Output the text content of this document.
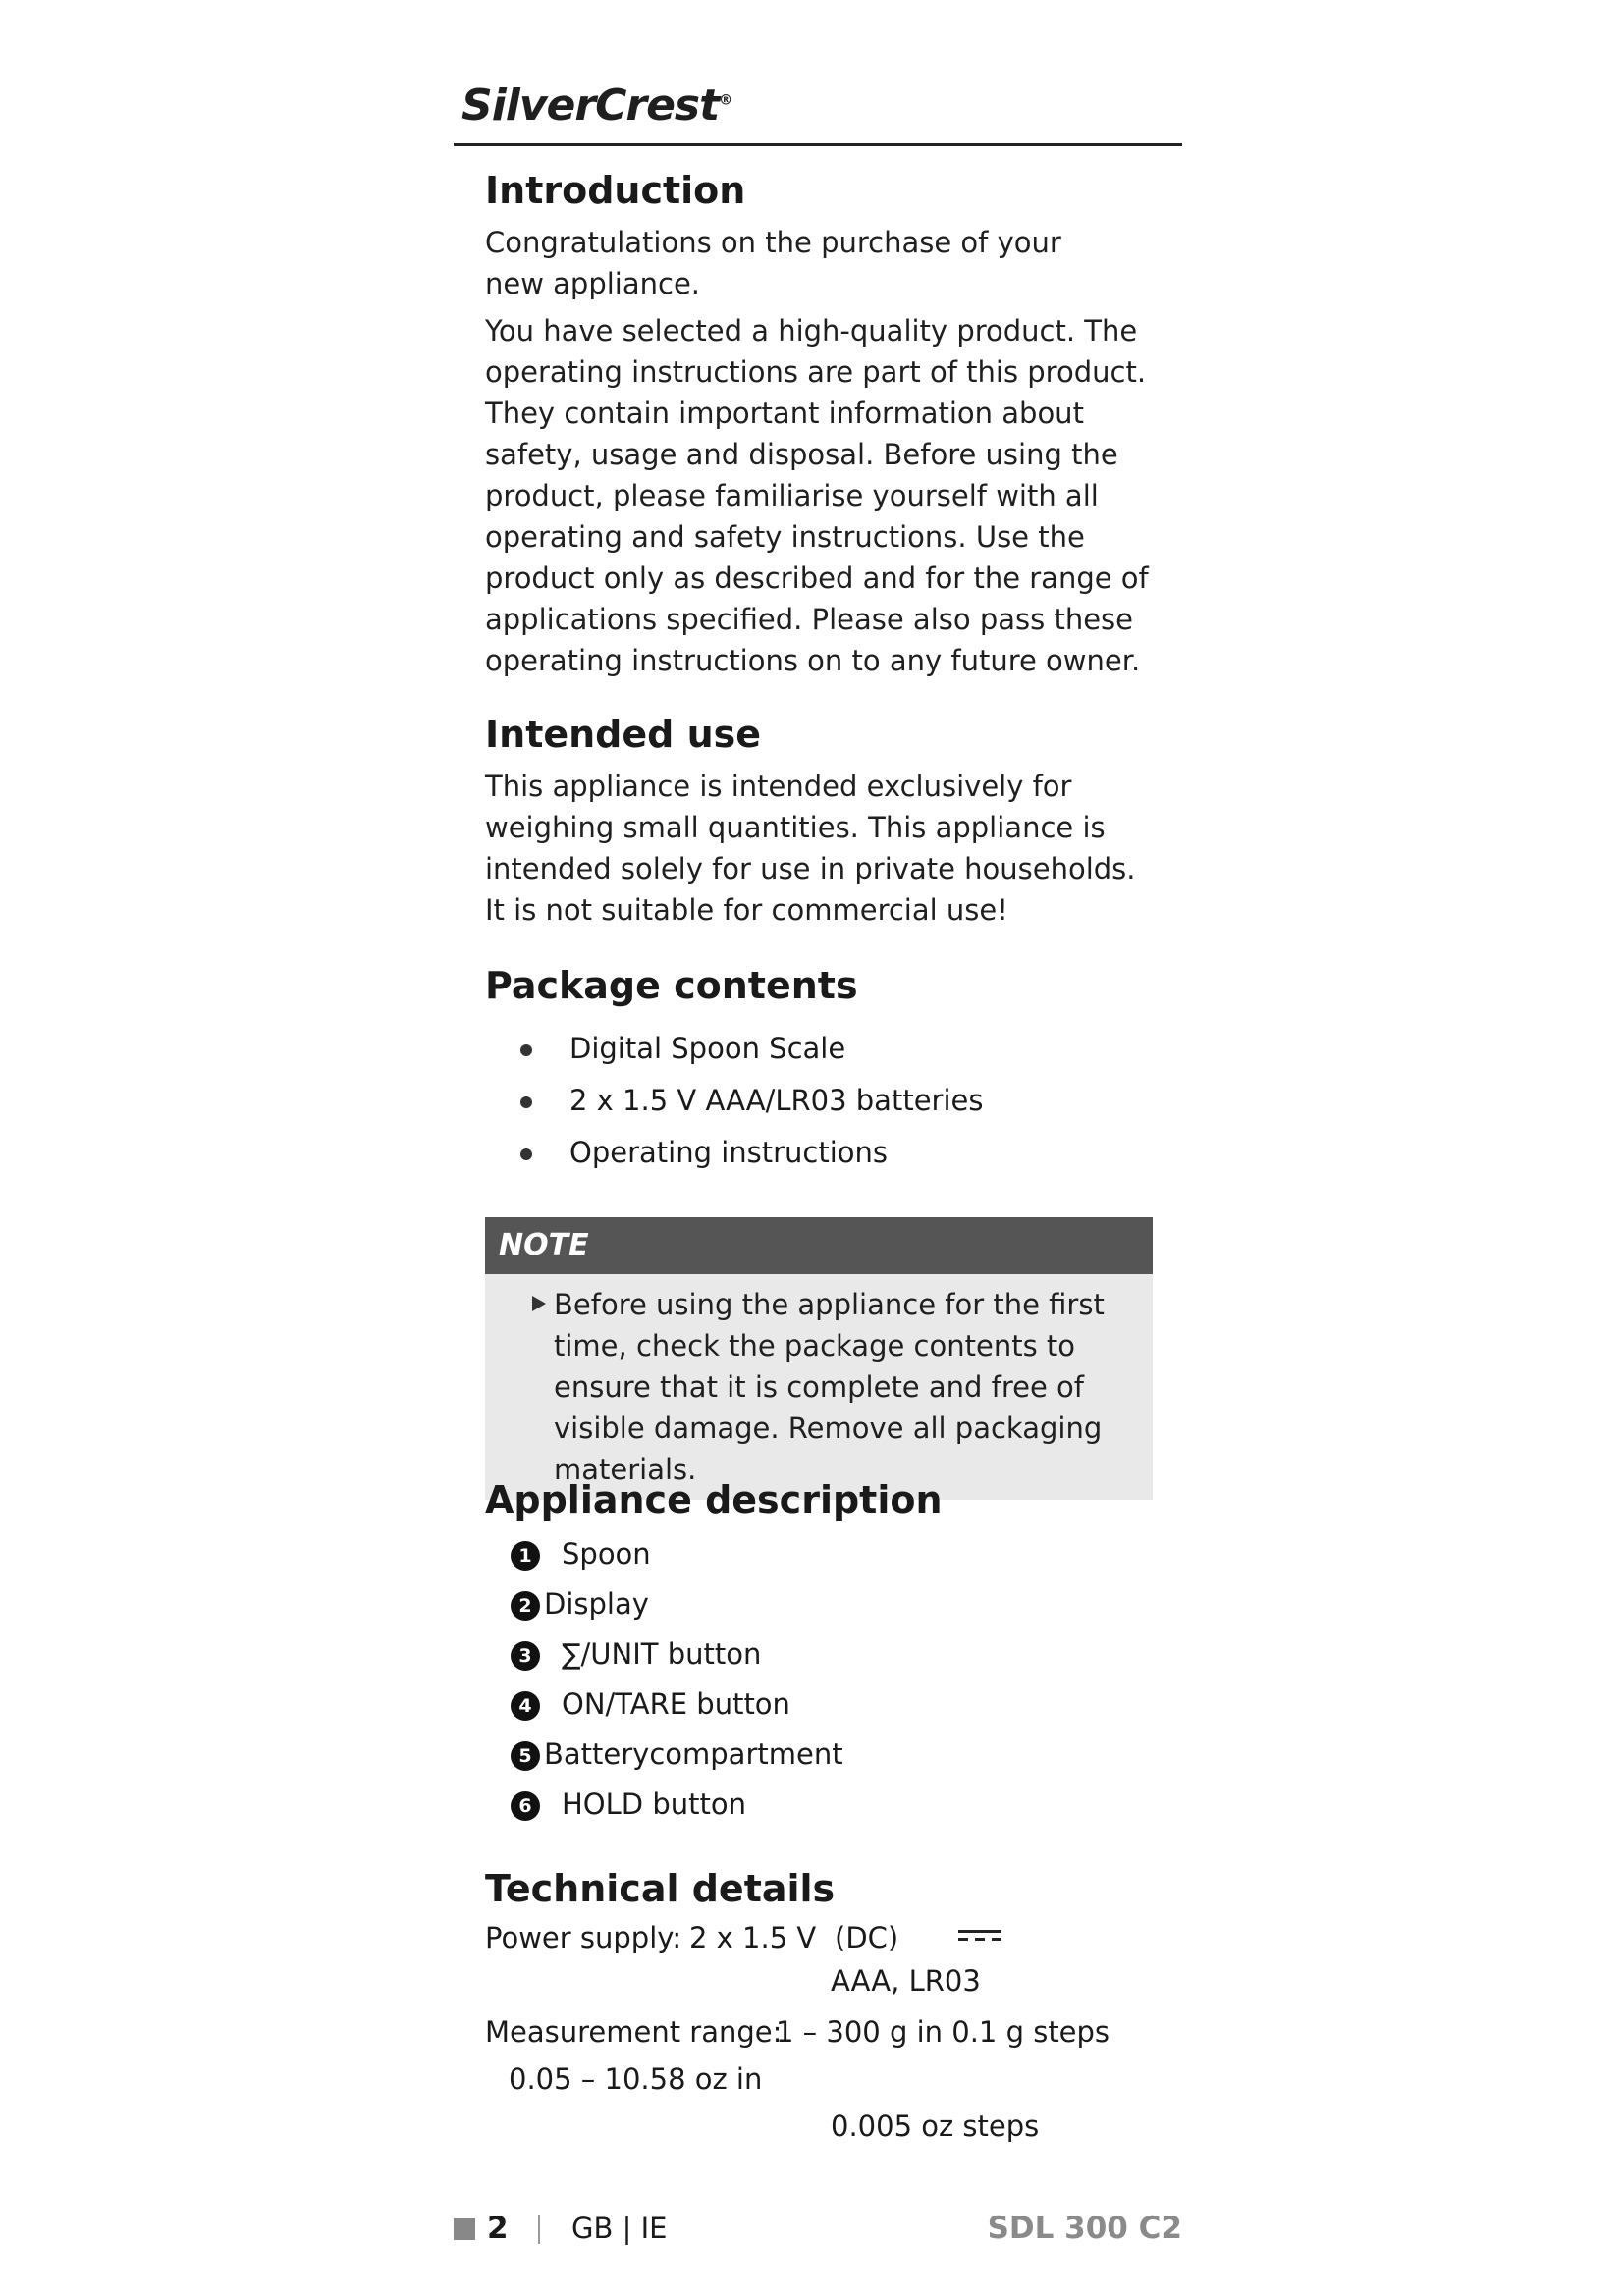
SilverCrest®
Introduction

Congratulations on the purchase of your new appliance.

You have selected a high-quality product. The operating instructions are part of this product. They contain important information about safety, usage and disposal. Before using the product, please familiarise yourself with all operating and safety instructions. Use the product only as described and for the range of applications specified. Please also pass these operating instructions on to any future owner.

Intended use

This appliance is intended exclusively for weighing small quantities. This appliance is intended solely for use in private households. It is not suitable for commercial use!

Package contents
Digital Spoon Scale
2 x 1.5 V AAA/LR03 batteries
Operating instructions
NOTE

Before using the appliance for the first time, check the package contents to ensure that it is complete and free of visible damage. Remove all packaging materials.

Appliance description
1 Spoon
2 Display
3 ∑/UNIT button
4 ON/TARE button
5 Batterycompartment
6 HOLD button
Technical details
Power supply: 2 x 1.5 V (DC)
AAA, LR03
Measurement range:
1 – 300 g in 0.1 g steps
0.05 – 10.58 oz in
0.005 oz steps
2 GB | IE	SDL 300 C2
